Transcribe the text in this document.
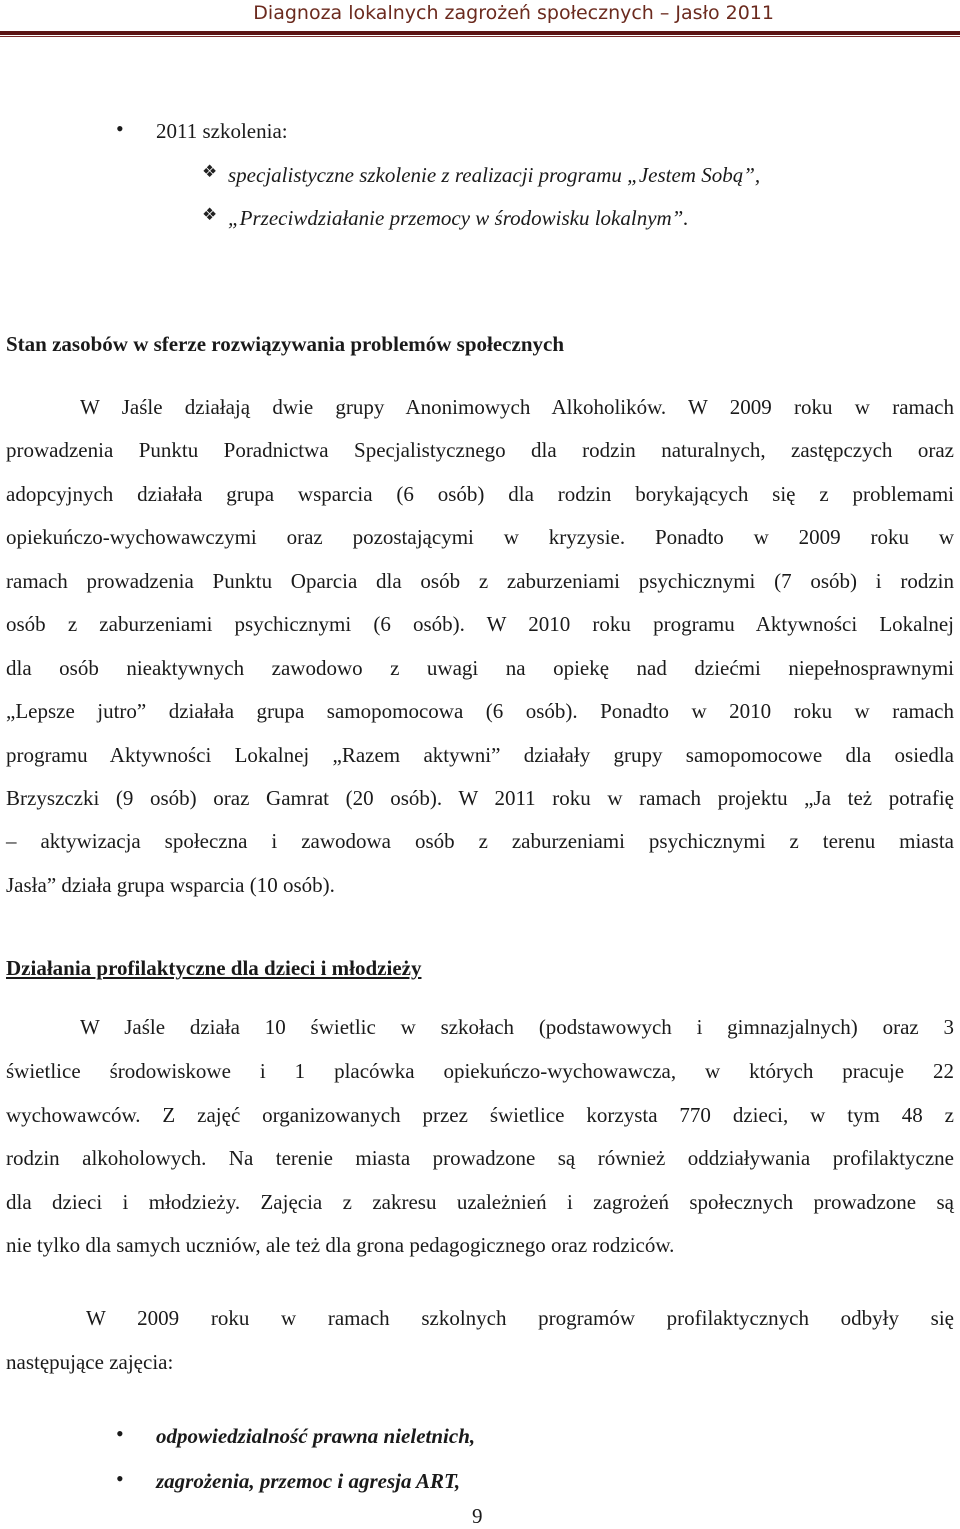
Diagnoza lokalnych zagrożeń społecznych – Jasło 2011
• 2011 szkolenia:
❖ specjalistyczne szkolenie z realizacji programu „Jestem Sobą”,
❖ „Przeciwdziałanie przemocy w środowisku lokalnym”.
Stan zasobów w sferze rozwiązywania problemów społecznych
W Jaśle działają dwie grupy Anonimowych Alkoholików. W 2009 roku w ramach
prowadzenia Punktu Poradnictwa Specjalistycznego dla rodzin naturalnych, zastępczych oraz
adopcyjnych działała grupa wsparcia (6 osób) dla rodzin borykających się z problemami
opiekuńczo-wychowawczymi oraz pozostającymi w kryzysie. Ponadto w 2009 roku w
ramach prowadzenia Punktu Oparcia dla osób z zaburzeniami psychicznymi (7 osób) i rodzin
osób z zaburzeniami psychicznymi (6 osób). W 2010 roku programu Aktywności Lokalnej
dla osób nieaktywnych zawodowo z uwagi na opiekę nad dziećmi niepełnosprawnymi
„Lepsze jutro” działała grupa samopomocowa (6 osób). Ponadto w 2010 roku w ramach
programu Aktywności Lokalnej „Razem aktywni” działały grupy samopomocowe dla osiedla
Brzyszczki (9 osób) oraz Gamrat (20 osób). W 2011 roku w ramach projektu „Ja też potrafię
– aktywizacja społeczna i zawodowa osób z zaburzeniami psychicznymi z terenu miasta
Jasła” działa grupa wsparcia (10 osób).
Działania profilaktyczne dla dzieci i młodzieży
W Jaśle działa 10 świetlic w szkołach (podstawowych i gimnazjalnych) oraz 3
świetlice środowiskowe i 1 placówka opiekuńczo-wychowawcza, w których pracuje 22
wychowawców. Z zajęć organizowanych przez świetlice korzysta 770 dzieci, w tym 48 z
rodzin alkoholowych. Na terenie miasta prowadzone są również oddziaływania profilaktyczne
dla dzieci i młodzieży. Zajęcia z zakresu uzależnień i zagrożeń społecznych prowadzone są
nie tylko dla samych uczniów, ale też dla grona pedagogicznego oraz rodziców.
W 2009 roku w ramach szkolnych programów profilaktycznych odbyły się
następujące zajęcia:
• odpowiedzialność prawna nieletnich,
• zagrożenia, przemoc i agresja ART,
9
